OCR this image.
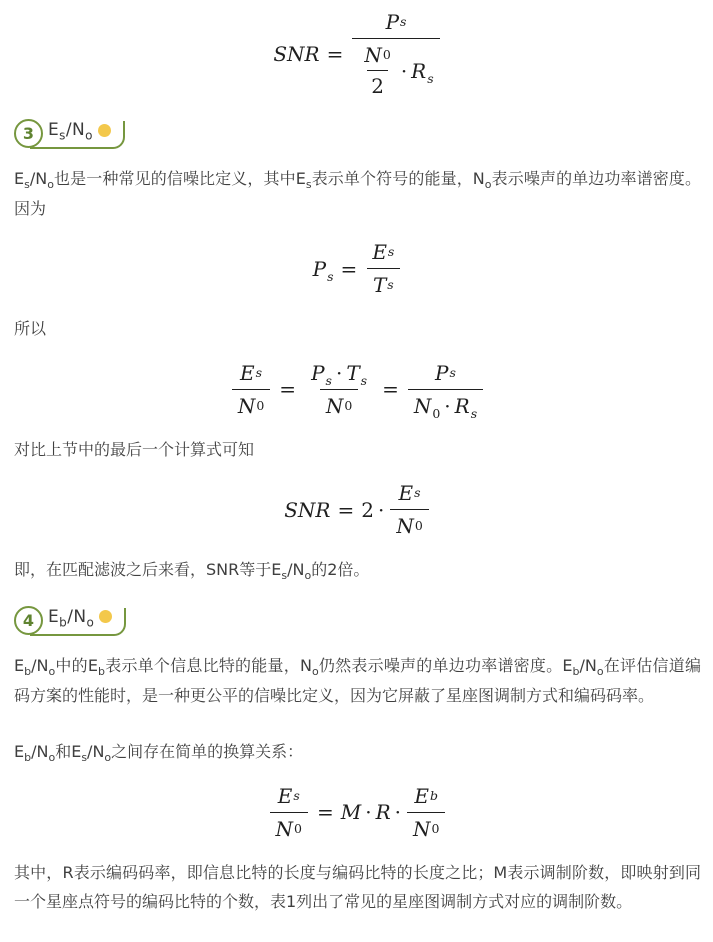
SNR = $\frac{\text{P s}}{\frac{N 0}{2} \cdot R_s}$
3 $E_s/N_o$
$E_s/N_o$也是一种常见的信噪比定义，其中$E_s$表示单个符号的能量，$N_o$表示噪声的单边功率谱密度。因为
$P_s = \frac{\text{E s}}{\text{T s}}$
所以
$\frac{\text{E s}}{N 0} = \frac{P_s \cdot T_s}{N 0} = \frac{\text{P s}}{N_0 \cdot R_s}$
对比上节中的最后一个计算式可知
SNR = $2 \cdot \frac{\text{E s}}{N 0}$
即，在匹配滤波之后来看，SNR等于$E_s/N_o$的2倍。
4 $E_b/N_o$
$E_b/N_o$中的$E_b$表示单个信息比特的能量，$N_o$仍然表示噪声的单边功率谱密度。$E_b/N_o$在评估信道编码方案的性能时，是一种更公平的信噪比定义，因为它屏蔽了星座图调制方式和编码码率。
$E_b/N_o$和$E_s/N_o$之间存在简单的换算关系：
$\frac{\text{E s}}{N 0} = M \cdot R \cdot \frac{\text{E b}}{N 0}$
其中，R表示编码码率，即信息比特的长度与编码比特的长度之比；M表示调制阶数，即映射到同一个星座点符号的编码比特的个数，表1列出了常见的星座图调制方式对应的调制阶数。
